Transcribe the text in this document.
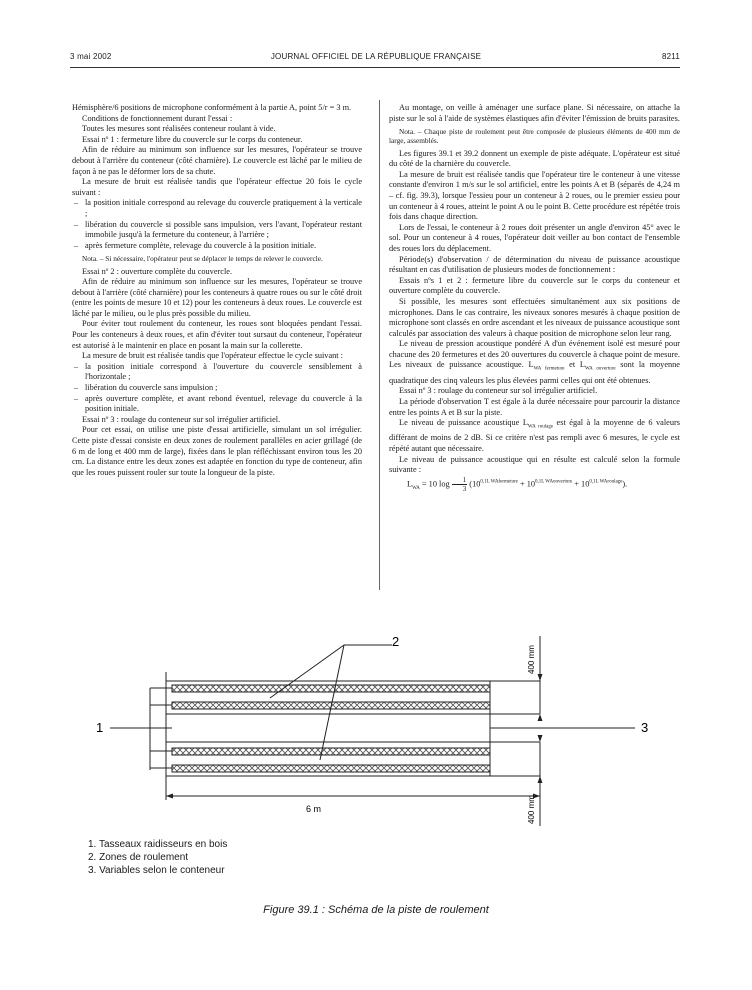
3 mai 2002	JOURNAL OFFICIEL DE LA RÉPUBLIQUE FRANÇAISE	8211

Hémisphère/6 positions de microphone conformément à la partie A, point 5/r = 3 m.

Conditions de fonctionnement durant l'essai :

Toutes les mesures sont réalisées conteneur roulant à vide.

Essai nº 1 : fermeture libre du couvercle sur le corps du conteneur.

Afin de réduire au minimum son influence sur les mesures, l'opérateur se trouve debout à l'arrière du conteneur (côté charnière). Le couvercle est lâché par le milieu de façon à ne pas le déformer lors de sa chute.

La mesure de bruit est réalisée tandis que l'opérateur effectue 20 fois le cycle suivant :

– la position initiale correspond au relevage du couvercle pratiquement à la verticale ;
– libération du couvercle si possible sans impulsion, vers l'avant, l'opérateur restant immobile jusqu'à la fermeture du conteneur, à l'arrière ;
– après fermeture complète, relevage du couvercle à la position initiale.

Nota. – Si nécessaire, l'opérateur peut se déplacer le temps de relever le couvercle.

Essai nº 2 : ouverture complète du couvercle.

Afin de réduire au minimum son influence sur les mesures, l'opérateur se trouve debout à l'arrière (côté charnière) pour les conteneurs à quatre roues ou sur le côté droit (entre les points de mesure 10 et 12) pour les conteneurs à deux roues. Le couvercle est lâché par le milieu, ou le plus près possible du milieu.

Pour éviter tout roulement du conteneur, les roues sont bloquées pendant l'essai. Pour les conteneurs à deux roues, et afin d'éviter tout sursaut du conteneur, l'opérateur est autorisé à le maintenir en place en posant la main sur la collerette.

La mesure de bruit est réalisée tandis que l'opérateur effectue le cycle suivant :

– la position initiale correspond à l'ouverture du couvercle sensiblement à l'horizontale ;
– libération du couvercle sans impulsion ;
– après ouverture complète, et avant rebond éventuel, relevage du couvercle à la position initiale.

Essai nº 3 : roulage du conteneur sur sol irrégulier artificiel.

Pour cet essai, on utilise une piste d'essai artificielle, simulant un sol irrégulier. Cette piste d'essai consiste en deux zones de roulement parallèles en acier grillagé (de 6 m de long et 400 mm de large), fixées dans le plan réfléchissant environ tous les 20 cm. La distance entre les deux zones est adaptée en fonction du type de conteneur, afin que les roues puissent rouler sur toute la longueur de la piste.

Au montage, on veille à aménager une surface plane. Si nécessaire, on attache la piste sur le sol à l'aide de systèmes élastiques afin d'éviter l'émission de bruits parasites.

Nota. – Chaque piste de roulement peut être composée de plusieurs éléments de 400 mm de large, assemblés.

Les figures 39.1 et 39.2 donnent un exemple de piste adéquate. L'opérateur est situé du côté de la charnière du couvercle.

La mesure de bruit est réalisée tandis que l'opérateur tire le conteneur à une vitesse constante d'environ 1 m/s sur le sol artificiel, entre les points A et B (séparés de 4,24 m – cf. fig. 39.3), lorsque l'essieu pour un conteneur à 2 roues, ou le premier essieu pour un conteneur à 4 roues, atteint le point A ou le point B. Cette procédure est répétée trois fois dans chaque direction.

Lors de l'essai, le conteneur à 2 roues doit présenter un angle d'environ 45° avec le sol. Pour un conteneur à 4 roues, l'opérateur doit veiller au bon contact de l'ensemble des roues lors du déplacement.

Période(s) d'observation / de détermination du niveau de puissance acoustique résultant en cas d'utilisation de plusieurs modes de fonctionnement :

Essais nºs 1 et 2 : fermeture libre du couvercle sur le corps du conteneur et ouverture complète du couvercle.

Si possible, les mesures sont effectuées simultanément aux six positions de microphones. Dans le cas contraire, les niveaux sonores mesurés à chaque position de microphone sont classés en ordre ascendant et les niveaux de puissance acoustique sont calculés par association des valeurs à chaque position de microphone selon leur rang.

Le niveau de pression acoustique pondéré A d'un événement isolé est mesuré pour chacune des 20 fermetures et des 20 ouvertures du couvercle à chaque point de mesure. Les niveaux de puissance acoustique. $L_{WA fermeture}$ et $L_{WA ouverture}$ sont la moyenne quadratique des cinq valeurs les plus élevées parmi celles qui ont été obtenues.

Essai nº 3 : roulage du conteneur sur sol irrégulier artificiel.

La période d'observation T est égale à la durée nécessaire pour parcourir la distance entre les points A et B sur la piste.

Le niveau de puissance acoustique $L_{WA roulage}$ est égal à la moyenne de 6 valeurs différant de moins de 2 dB. Si ce critère n'est pas rempli avec 6 mesures, le cycle est répété autant que nécessaire.

Le niveau de puissance acoustique qui en résulte est calculé selon la formule suivante :

$L_{WA} = 10$ $\log \frac{1}{3} (10^{0,1L WAfermeture} + 10^{0,1L WAouverture} + 10^{0,1L WAroulage})$.

1
2
3
6 m
400 mm
400 mm
1. Tasseaux raidisseurs en bois
2. Zones de roulement
3. Variables selon le conteneur
Figure 39.1 : Schéma de la piste de roulement
